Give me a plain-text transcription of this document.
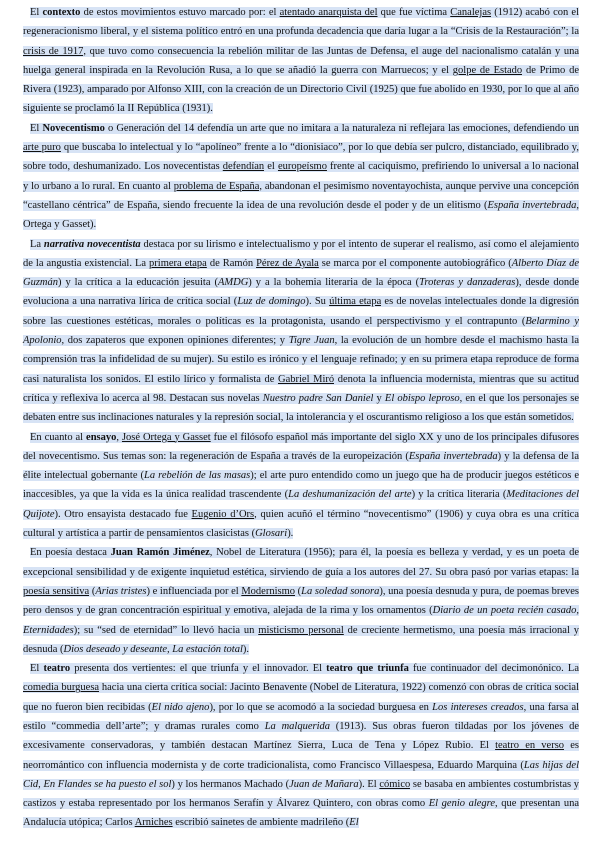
El contexto de estos movimientos estuvo marcado por: el atentado anarquista del que fue víctima Canalejas (1912) acabó con el regeneracionismo liberal, y el sistema político entró en una profunda decadencia que daría lugar a la “Crisis de la Restauración”; la crisis de 1917, que tuvo como consecuencia la rebelión militar de las Juntas de Defensa, el auge del nacionalismo catalán y una huelga general inspirada en la Revolución Rusa, a lo que se añadió la guerra con Marruecos; y el golpe de Estado de Primo de Rivera (1923), amparado por Alfonso XIII, con la creación de un Directorio Civil (1925) que fue abolido en 1930, por lo que al año siguiente se proclamó la II República (1931).

El Novecentismo o Generación del 14 defendía un arte que no imitara a la naturaleza ni reflejara las emociones, defendiendo un arte puro que buscaba lo intelectual y lo “apolíneo” frente a lo “dionisiaco”, por lo que debía ser pulcro, distanciado, equilibrado y, sobre todo, deshumanizado. Los novecentistas defendían el europeísmo frente al caciquismo, prefiriendo lo universal a lo nacional y lo urbano a lo rural. En cuanto al problema de España, abandonan el pesimismo noventayochista, aunque pervive una concepción “castellano céntrica” de España, siendo frecuente la idea de una revolución desde el poder y de un elitismo (España invertebrada, Ortega y Gasset).

La narrativa novecentista destaca por su lirismo e intelectualismo y por el intento de superar el realismo, así como el alejamiento de la angustia existencial. La primera etapa de Ramón Pérez de Ayala se marca por el componente autobiográfico (Alberto Díaz de Guzmán) y la crítica a la educación jesuita (AMDG) y a la bohemia literaria de la época (Troteras y danzaderas), desde donde evoluciona a una narrativa lírica de crítica social (Luz de domingo). Su última etapa es de novelas intelectuales donde la digresión sobre las cuestiones estéticas, morales o políticas es la protagonista, usando el perspectivismo y el contrapunto (Belarmino y Apolonio, dos zapateros que exponen opiniones diferentes; y Tigre Juan, la evolución de un hombre desde el machismo hasta la comprensión tras la infidelidad de su mujer). Su estilo es irónico y el lenguaje refinado; y en su primera etapa reproduce de forma casi naturalista los sonidos. El estilo lírico y formalista de Gabriel Miró denota la influencia modernista, mientras que su actitud crítica y reflexiva lo acerca al 98. Destacan sus novelas Nuestro padre San Daniel y El obispo leproso, en el que los personajes se debaten entre sus inclinaciones naturales y la represión social, la intolerancia y el oscurantismo religioso a los que están sometidos.

En cuanto al ensayo, José Ortega y Gasset fue el filósofo español más importante del siglo XX y uno de los principales difusores del novecentismo. Sus temas son: la regeneración de España a través de la europeización (España invertebrada) y la defensa de la élite intelectual gobernante (La rebelión de las masas); el arte puro entendido como un juego que ha de producir juegos estéticos e inaccesibles, ya que la vida es la única realidad trascendente (La deshumanización del arte) y la crítica literaria (Meditaciones del Quijote). Otro ensayista destacado fue Eugenio d’Ors, quien acuñó el término “novecentismo” (1906) y cuya obra es una crítica cultural y artística a partir de pensamientos clasicistas (Glosari).

En poesía destaca Juan Ramón Jiménez, Nobel de Literatura (1956); para él, la poesía es belleza y verdad, y es un poeta de excepcional sensibilidad y de exigente inquietud estética, sirviendo de guía a los autores del 27. Su obra pasó por varias etapas: la poesía sensitiva (Arias tristes) e influenciada por el Modernismo (La soledad sonora), una poesía desnuda y pura, de poemas breves pero densos y de gran concentración espiritual y emotiva, alejada de la rima y los ornamentos (Diario de un poeta recién casado, Eternidades); su “sed de eternidad” lo llevó hacia un misticismo personal de creciente hermetismo, una poesía más irracional y desnuda (Dios deseado y deseante, La estación total).

El teatro presenta dos vertientes: el que triunfa y el innovador. El teatro que triunfa fue continuador del decimonónico. La comedia burguesa hacia una cierta crítica social: Jacinto Benavente (Nobel de Literatura, 1922) comenzó con obras de crítica social que no fueron bien recibidas (El nido ajeno), por lo que se acomodó a la sociedad burguesa en Los intereses creados, una farsa al estilo “commedia dell’arte”; y dramas rurales como La malquerida (1913). Sus obras fueron tildadas por los jóvenes de excesivamente conservadoras, y también destacan Martínez Sierra, Luca de Tena y López Rubio. El teatro en verso es neorromántico con influencia modernista y de corte tradicionalista, como Francisco Villaespesa, Eduardo Marquina (Las hijas del Cid, En Flandes se ha puesto el sol) y los hermanos Machado (Juan de Mañara). El cómico se basaba en ambientes costumbristas y castizos y estaba representado por los hermanos Serafín y Álvarez Quintero, con obras como El genio alegre, que presentan una Andalucía utópica; Carlos Arniches escribió sainetes de ambiente madrileño (El
